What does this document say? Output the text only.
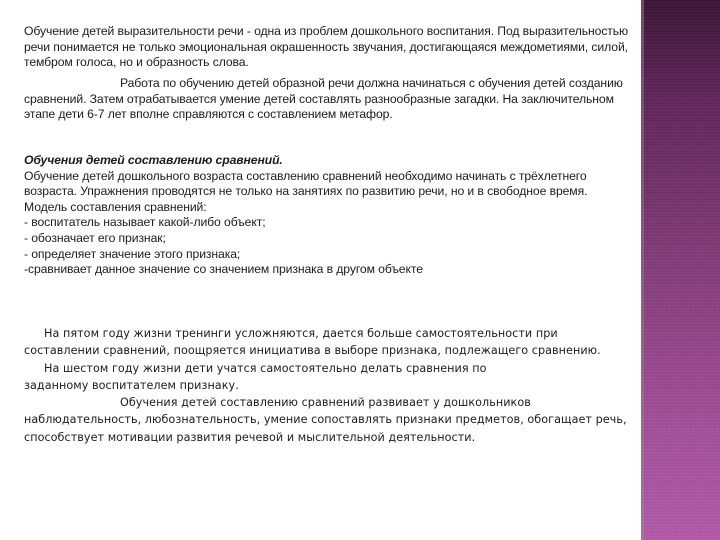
Обучение детей выразительности речи - одна из проблем дошкольного воспитания. Под выразительностью речи понимается не только эмоциональная окрашенность звучания, достигающаяся междометиями, силой, тембром голоса, но и образность слова.

Работа по обучению детей образной речи должна начинаться с обучения детей созданию сравнений. Затем отрабатывается умение детей составлять разнообразные загадки. На заключительном этапе дети 6-7 лет вполне справляются с составлением метафор.

Обучения детей составлению сравнений.
Обучение детей дошкольного возраста составлению сравнений необходимо начинать с трёхлетнего возраста. Упражнения проводятся не только на занятиях по развитию речи, но и в свободное время.
Модель составления сравнений:
- воспитатель называет какой-либо объект;
- обозначает его признак;
- определяет значение этого признака;
-сравнивает данное значение со значением признака в другом объекте

На пятом году жизни тренинги усложняются, дается больше самостоятельности при составлении сравнений, поощряется инициатива в выборе признака, подлежащего сравнению.
На шестом году жизни дети учатся самостоятельно делать сравнения по
заданному воспитателем признаку.
Обучения детей составлению сравнений развивает у дошкольников наблюдательность, любознательность, умение сопоставлять признаки предметов, обогащает речь, способствует мотивации развития речевой и мыслительной деятельности.
